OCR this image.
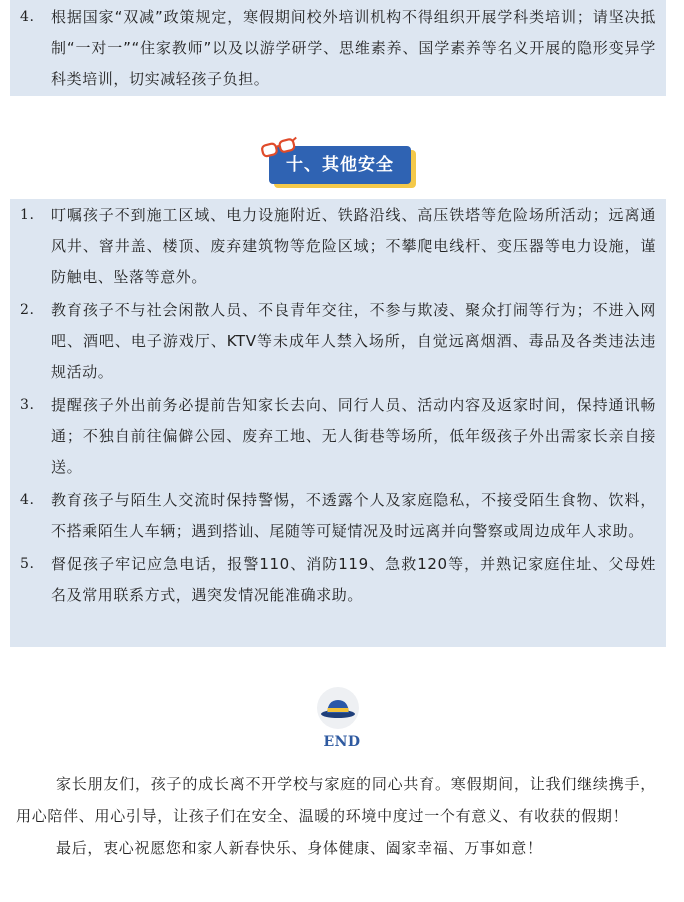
4. 根据国家“双减”政策规定，寒假期间校外培训机构不得组织开展学科类培训；请坚决抵制“一对一”“住家教师”以及以游学研学、思维素养、国学素养等名义开展的隐形变异学科类培训，切实减轻孩子负担。
十、其他安全
1. 叮嘱孩子不到施工区域、电力设施附近、铁路沿线、高压铁塔等危险场所活动；远离通风井、窨井盖、楼顶、废弃建筑物等危险区域；不攀爬电线杆、变压器等电力设施，谨防触电、坠落等意外。
2. 教育孩子不与社会闲散人员、不良青年交往，不参与欺凌、聚众打闹等行为；不进入网吧、酒吧、电子游戏厅、KTV等未成年人禁入场所，自觉远离烟酒、毒品及各类违法违规活动。
3. 提醒孩子外出前务必提前告知家长去向、同行人员、活动内容及返家时间，保持通讯畅通；不独自前往偏僻公园、废弃工地、无人街巷等场所，低年级孩子外出需家长亲自接送。
4. 教育孩子与陌生人交流时保持警惕，不透露个人及家庭隐私，不接受陌生食物、饮料，不搭乘陌生人车辆；遇到搭讪、尾随等可疑情况及时远离并向警察或周边成年人求助。
5. 督促孩子牢记应急电话，报警110、消防119、急救120等，并熟记家庭住址、父母姓名及常用联系方式，遇突发情况能准确求助。
END

家长朋友们，孩子的成长离不开学校与家庭的同心共育。寒假期间，让我们继续携手，用心陪伴、用心引导，让孩子们在安全、温暖的环境中度过一个有意义、有收获的假期！

最后，衷心祝愿您和家人新春快乐、身体健康、阖家幸福、万事如意！
